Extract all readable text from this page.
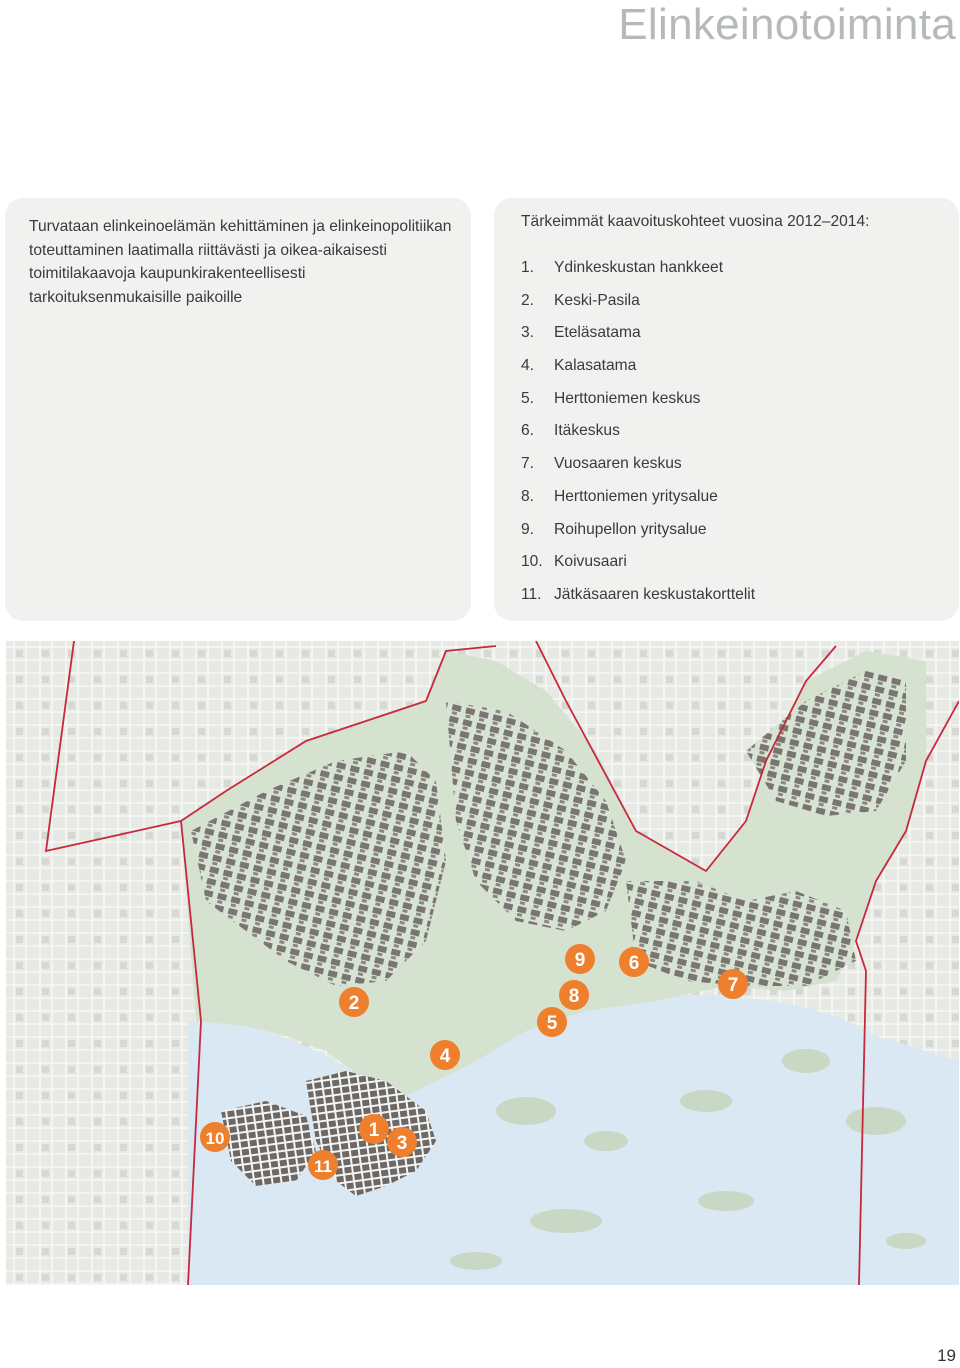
Elinkeinotoiminta

Turvataan elinkeinoelämän kehittäminen ja elinkeinopolitiikan toteuttaminen laatimalla riittävästi ja oikea-aikaisesti toimitilakaavoja kaupunkirakenteellisesti tarkoituksenmukaisille paikoille

Tärkeimmät kaavoituskohteet vuosina 2012–2014:
1. Ydinkeskustan hankkeet
2. Keski-Pasila
3. Eteläsatama
4. Kalasatama
5. Herttoniemen keskus
6. Itäkeskus
7. Vuosaaren keskus
8. Herttoniemen yritysalue
9. Roihupellon yritysalue
10. Koivusaari
11. Jätkäsaaren keskustakorttelit
1
2
3
4
5
6
7
8
9
10
11
19
